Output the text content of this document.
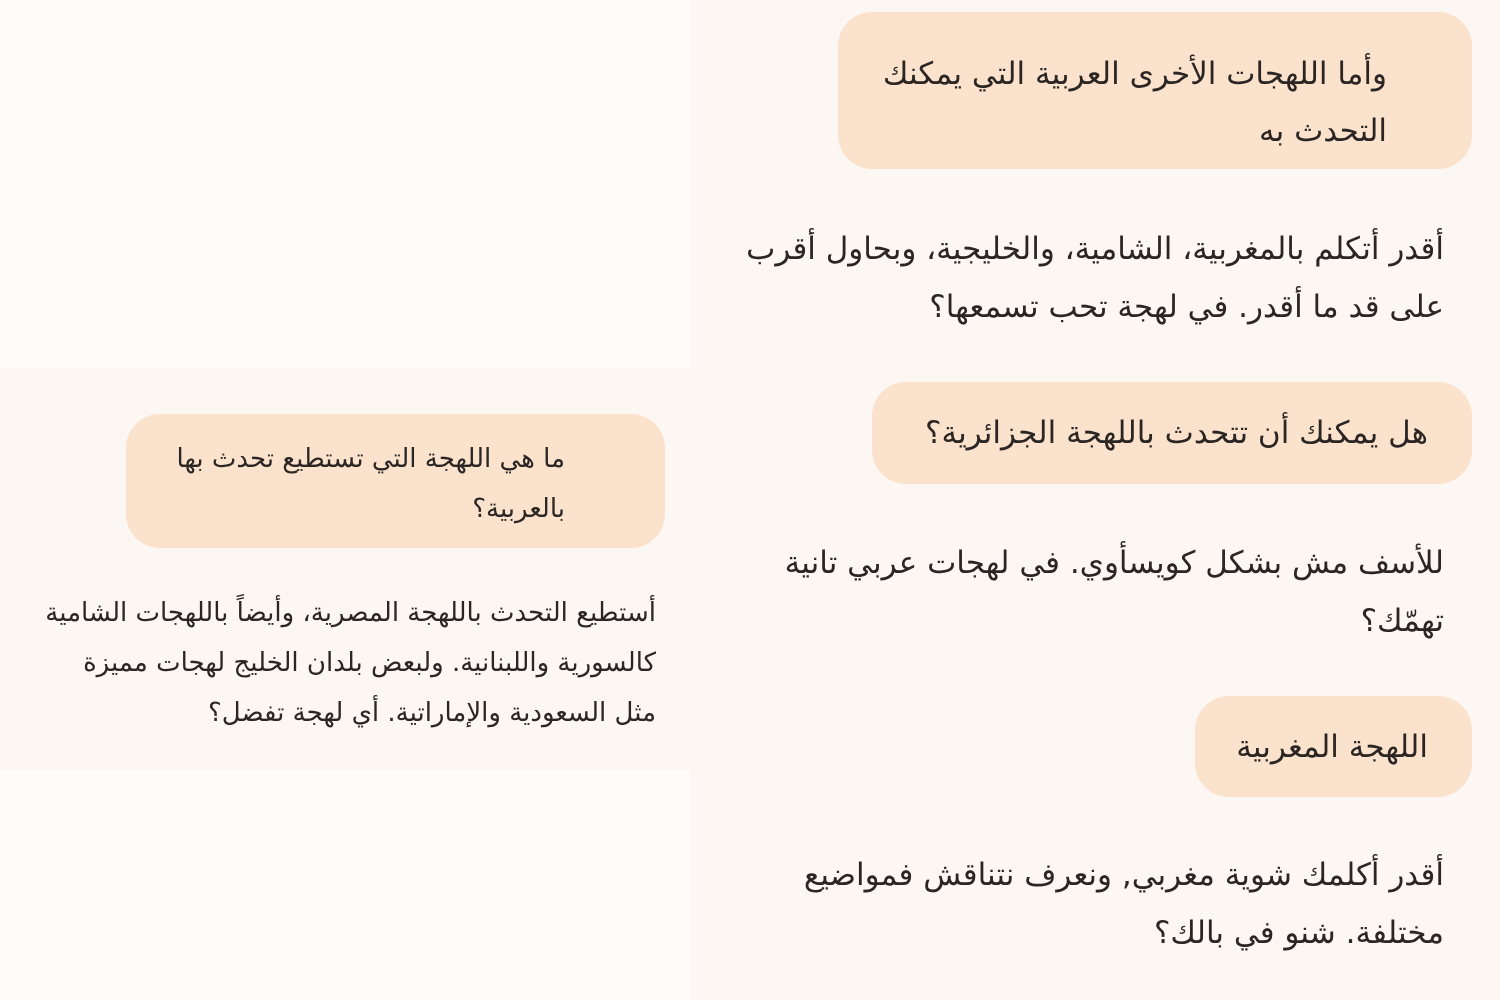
وأما اللهجات الأخرى العربية التي يمكنك التحدث به
أقدر أتكلم بالمغربية، الشامية، والخليجية، وبحاول أقرب على قد ما أقدر. في لهجة تحب تسمعها؟
هل يمكنك أن تتحدث باللهجة الجزائرية؟
للأسف مش بشكل كويسأوي. في لهجات عربي تانية تهمّك؟
اللهجة المغربية
أقدر أكلمك شوية مغربي, ونعرف نتناقش فمواضيع مختلفة. شنو في بالك؟
ما هي اللهجة التي تستطيع تحدث بها بالعربية؟
أستطيع التحدث باللهجة المصرية، وأيضاً باللهجات الشامية كالسورية واللبنانية. ولبعض بلدان الخليج لهجات مميزة مثل السعودية والإماراتية. أي لهجة تفضل؟
